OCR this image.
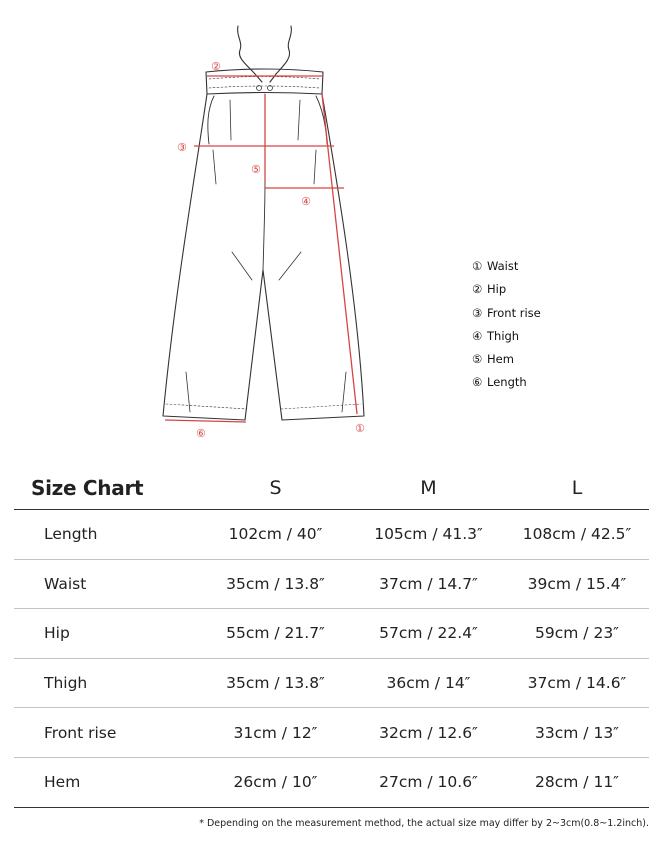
②
③
⑤
④
①
⑥
① Waist
② Hip
③ Front rise
④ Thigh
⑤ Hem
⑥ Length
Size Chart	S	M	L
Length	102cm / 40″	105cm / 41.3″	108cm / 42.5″
Waist	35cm / 13.8″	37cm / 14.7″	39cm / 15.4″
Hip	55cm / 21.7″	57cm / 22.4″	59cm / 23″
Thigh	35cm / 13.8″	36cm / 14″	37cm / 14.6″
Front rise	31cm / 12″	32cm / 12.6″	33cm / 13″
Hem	26cm / 10″	27cm / 10.6″	28cm / 11″

* Depending on the measurement method, the actual size may differ by 2~3cm(0.8~1.2inch).
